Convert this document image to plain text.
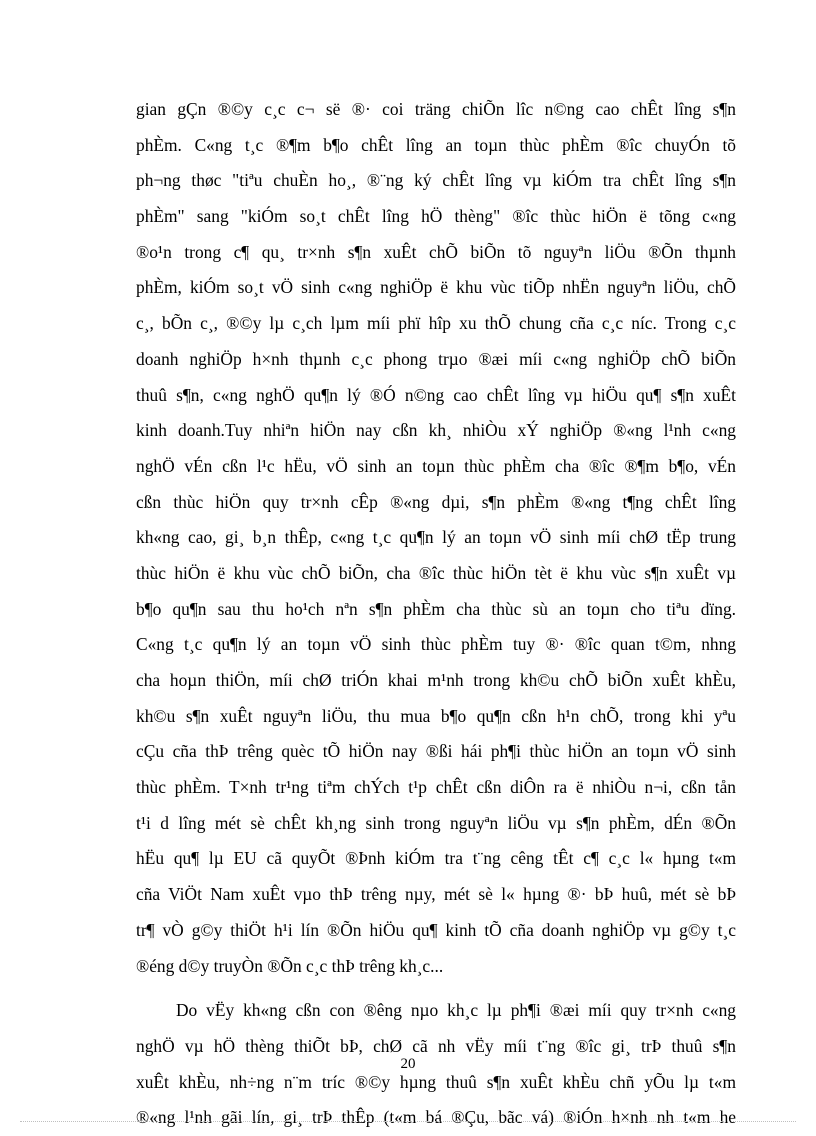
gian gÇn ®©y c¸c c¬ së ®· coi träng chiÕn lîc n©ng cao chÊt lîng s¶n
phÈm. C«ng t¸c ®¶m b¶o chÊt lîng an toµn thùc phÈm ®îc chuyÓn tõ
ph¬ng thøc "tiªu chuÈn ho¸, ®¨ng ký chÊt lîng vµ kiÓm tra chÊt lîng s¶n
phÈm" sang "kiÓm so¸t chÊt lîng hÖ thèng" ®îc thùc hiÖn ë tõng c«ng
®o¹n trong c¶ qu¸ tr×nh s¶n xuÊt chÕ biÕn tõ nguyªn liÖu ®Õn thµnh
phÈm, kiÓm so¸t vÖ sinh c«ng nghiÖp ë khu vùc tiÕp nhËn nguyªn liÖu, chÕ
c¸, bÕn c¸, ®©y lµ c¸ch lµm míi phï hîp xu thÕ chung cña c¸c níc. Trong c¸c
doanh nghiÖp h×nh thµnh c¸c phong trµo ®æi míi c«ng nghiÖp chÕ biÕn
thuû s¶n, c«ng nghÖ qu¶n lý ®Ó n©ng cao chÊt lîng vµ hiÖu qu¶ s¶n xuÊt
kinh doanh.Tuy nhiªn hiÖn nay cßn kh¸ nhiÒu xÝ nghiÖp ®«ng l¹nh c«ng
nghÖ vÉn cßn l¹c hËu, vÖ sinh an toµn thùc phÈm cha ®îc ®¶m b¶o, vÉn
cßn thùc hiÖn quy tr×nh cÊp ®«ng dµi, s¶n phÈm ®«ng t¶ng chÊt lîng
kh«ng cao, gi¸ b¸n thÊp, c«ng t¸c qu¶n lý an toµn vÖ sinh míi chØ tËp trung
thùc hiÖn ë khu vùc chÕ biÕn, cha ®îc thùc hiÖn tèt ë khu vùc s¶n xuÊt vµ
b¶o qu¶n sau thu ho¹ch nªn s¶n phÈm cha thùc sù an toµn cho tiªu dïng.
C«ng t¸c qu¶n lý an toµn vÖ sinh thùc phÈm tuy ®· ®îc quan t©m, nhng
cha hoµn thiÖn, míi chØ triÓn khai m¹nh trong kh©u chÕ biÕn xuÊt khÈu,
kh©u s¶n xuÊt nguyªn liÖu, thu mua b¶o qu¶n cßn h¹n chÕ, trong khi yªu
cÇu cña thÞ trêng quèc tÕ hiÖn nay ®ßi hái ph¶i thùc hiÖn an toµn vÖ sinh
thùc phÈm. T×nh tr¹ng tiªm chÝch t¹p chÊt cßn diÔn ra ë nhiÒu n¬i, cßn tån
t¹i d lîng mét sè chÊt kh¸ng sinh trong nguyªn liÖu vµ s¶n phÈm, dÉn ®Õn
hËu qu¶ lµ EU cã quyÕt ®Þnh kiÓm tra t¨ng cêng tÊt c¶ c¸c l« hµng t«m
cña ViÖt Nam xuÊt vµo thÞ trêng nµy, mét sè l« hµng ®· bÞ huû, mét sè bÞ
tr¶ vÒ g©y thiÖt h¹i lín ®Õn hiÖu qu¶ kinh tÕ cña doanh nghiÖp vµ g©y t¸c
®éng d©y truyÒn ®Õn c¸c thÞ trêng kh¸c...
Do vËy kh«ng cßn con ®êng nµo kh¸c lµ ph¶i ®æi míi quy tr×nh c«ng
nghÖ vµ hÖ thèng thiÕt bÞ, chØ cã nh vËy míi t¨ng ®îc gi¸ trÞ thuû s¶n
xuÊt khÈu, nh÷ng n¨m tríc ®©y hµng thuû s¶n xuÊt khÈu chñ yÕu lµ t«m
®«ng l¹nh gãi lín, gi¸ trÞ thÊp (t«m bá ®Çu, bãc vá) ®iÓn h×nh nh t«m he
20
